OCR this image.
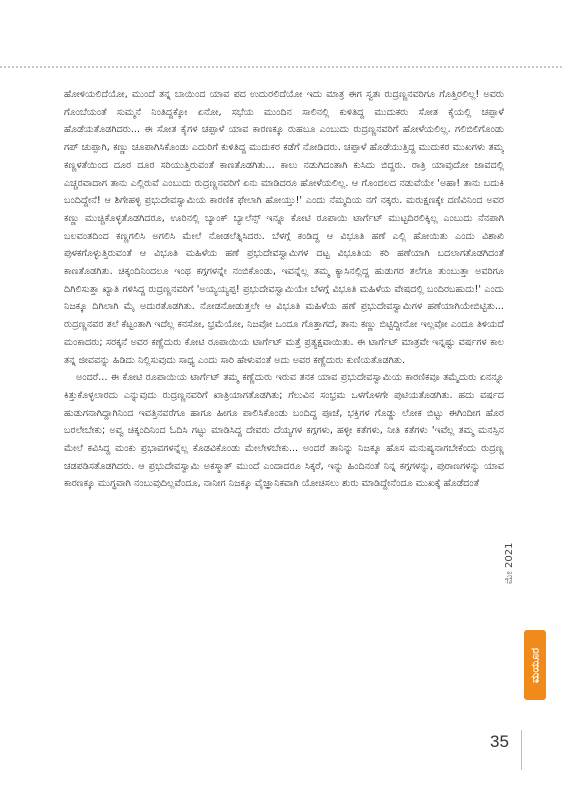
ಹೋಳಿಯಲಿದೆಯೋ, ಮುಂದೆ ತನ್ನ ಬಾಯಿಂದ ಯಾವ ಪದ ಉದುರಲಿದೆಯೋ ಇದು ಮಾತ್ರ ಈಗ ಸ್ವತಃ ರುದ್ರಣ್ಣನವರಿಗೂ ಗೊತ್ತಿರಲಿಲ್ಲ! ಅವರು ಗೊಂಬೆಯಂತೆ ಸುಮ್ಮನೆ ನಿಂತಿದ್ದಕ್ಕೋ ಏನೋ, ಸಭೆಯ ಮುಂದಿನ ಸಾಲಿನಲ್ಲಿ ಕುಳಿತಿದ್ದ ಮುದುಕರು ಸೋತ ಕೈಯಲ್ಲಿ ಚಪ್ಪಾಳೆ ಹೊಡೆಯತೊಡಗಿದರು... ಈ ಸೋತ ಕೈಗಳ ಚಪ್ಪಾಳೆ ಯಾವ ಕಾರಣಕ್ಕೂ ರುಹಬೂ ಎಂಬುದು ರುದ್ರಣ್ಣನವರಿಗೆ ಹೋಳೆಯಲಿಲ್ಲ. ಗಲಿಬಿಲಿಗೊಂಡು ಗಪ್ ಚುಪ್ಪಾಗಿ, ಕಣ್ಣು ಚೂಪಾಗಿಸಿಕೊಂಡು ಎದುರಿಗೆ ಕುಳಿತಿದ್ದ ಮುದುಕರ ಕಡೆಗೆ ನೋಡಿದರು. ಚಪ್ಪಾಳೆ ಹೊಡೆಯುತ್ತಿದ್ದ ಮುದುಕರ ಮುಖಗಳು ತಮ್ಮ ಕಣ್ಣಳತೆಯಿಂದ ದೂರ ದೂರ ಸರಿಯುತ್ತಿರುವಂತೆ ಕಾಣತೊಡಗಿತು... ಕಾಲು ನಡುಗಿದಂತಾಗಿ ಕುಸಿದು ಬಿದ್ದರು. ರಾತ್ರಿ ಯಾವುದೋ ಜಾವದಲ್ಲಿ ಎಚ್ಚರವಾದಾಗ ತಾನು ಎಲ್ಲಿರುವೆ ಎಂಬುದು ರುದ್ರಣ್ಣನವರಿಗೆ ಏನು ಮಾಡಿದರೂ ಹೋಳೆಯಲಿಲ್ಲ. ಆ ಗೊಂದಲದ ನಡುವೆಯೇ 'ಅಹಾ! ತಾನು ಬದುಕಿ ಬಂದಿದ್ದೇನೆ! ಆ ಶಿಗೇಹಳ್ಳಿ ಪ್ರಭುದೇವಸ್ವಾಮಿಯ ಕಾರಣಿಕ ಫೇಲಾಗಿ ಹೋಯ್ತು!' ಎಂದು ನೆಮ್ಮದಿಯ ನಗೆ ನಕ್ಕರು. ಮರುಕ್ಷಣಕ್ಕೇ ದಣಿವಿನಿಂದ ಅವರ ಕಣ್ಣು ಮುಚ್ಚಿಕೊಳ್ಳತೊಡಗಿದರೂ, ಊರಿನಲ್ಲಿ ಬ್ಯಾಂಕ್ ಬ್ಯಾಲೆನ್ಸ್ ಇನ್ನೂ ಕೋಟಿ ರೂಪಾಯಿ ಟಾರ್ಗೆಟ್ ಮುಟ್ಟದಿರಲಿಕ್ಕಿಲ್ಲ ಎಂಬುದು ನೆನಪಾಗಿ ಬಲವಂತದಿಂದ ಕಣ್ಣಗಲಿಸಿ ಅಗಲಿಸಿ ಮೇಲೆ ನೋಡಲೆತ್ನಿಸಿದರು. ಬೆಳಗ್ಗೆ ಕಂಡಿದ್ದ ಆ ವಿಭೂತಿ ಹಣೆ ಎಲ್ಲಿ ಹೋಯಿತು ಎಂದು ವಿಶಾಖಿ ಪುಳಕಗೊಳ್ಳುತ್ತಿರುವಂತೆ ಆ ವಿಭೂತಿ ಮಹಿಳೆಯ ಹಣೆ ಪ್ರಭುದೇವಸ್ವಾಮಿಗಳ ದಟ್ಟ ವಿಭೂತಿಯ ಕರಿ ಹಣೆಯಾಗಿ ಬದಲಾಗತೊಡಗಿದಂತೆ ಕಾಣತೊಡಗಿತು. ಚಿಕ್ಕಂದಿನಿಂದಲೂ ಇಂಥ ಕಗ್ಗಗಳನ್ನೇ ನಂಬಿಕೊಂಡು, ಇವನ್ನೆಲ್ಲ ತಮ್ಮ ಕ್ಯಾಸಿನಲ್ಲಿದ್ದ ಹುಡುಗರ ತಲೆಗೂ ತುಂಬುತ್ತಾ ಅವರಿಗೂ ದಿಗಿಲಿಸುತ್ತಾ ಖ್ಯಾತಿ ಗಳಿಸಿದ್ದ ರುದ್ರಣ್ಣನವರಿಗೆ 'ಅಯ್ಯಯ್ಯಪ್ಪ! ಪ್ರಭುದೇವಸ್ವಾಮಿಯೇ ಬೆಳಗ್ಗೆ ವಿಭೂತಿ ಮಹಿಳೆಯ ವೇಷದಲ್ಲಿ ಬಂದಿರಬಹುದು!' ಎಂದು ನಿಜಕ್ಕೂ ದಿಗಿಲಾಗಿ ಮೈ ಅದುರತೊಡಗಿತು. ನೋಡನೋಡುತ್ತಲೇ ಆ ವಿಭೂತಿ ಮಹಿಳೆಯ ಹಣೆ ಪ್ರಭುದೇವಸ್ವಾಮಿಗಳ ಹಣೆಯಾಗಿಯೇಬಿಟ್ಟಿತು... ರುದ್ರಣ್ಣನವರ ತಲೆ ಕೆಟ್ಟಂತಾಗಿ ಇದೆಲ್ಲ ಕನಸೋ, ಭ್ರಮೆಯೋ, ನಿಜವೋ ಒಂದೂ ಗೊತ್ತಾಗದೆ, ತಾನು ಕಣ್ಣು ಬಿಟ್ಟಿದ್ದೀನೋ ಇಲ್ಲವೋ ಎಂದೂ ತಿಳಿಯದೆ ಮಂಕಾದರು; ಸರಕ್ಕನೆ ಅವರ ಕಣ್ಣೆದುರು ಕೋಟಿ ರೂಪಾಯಿಯ ಟಾರ್ಗೆಟ್ ಮತ್ತೆ ಪ್ರತ್ಯಕ್ಷವಾಯಿತು. ಈ ಟಾರ್ಗೆಟ್ ಮಾತ್ರವೇ ಇನ್ನಷ್ಟು ವರ್ಷಗಳ ಕಾಲ ತನ್ನ ಜೀವವನ್ನು ಹಿಡಿದು ನಿಲ್ಲಿಸುವುದು ಸಾಧ್ಯ ಎಂದು ಸಾರಿ ಹೇಳುವಂತೆ ಅದು ಅವರ ಕಣ್ಣೆದುರು ಕುಣಿಯತೊಡಗಿತು.

ಅಂದರೆ... ಈ ಕೋಟಿ ರೂಪಾಯಿಯ ಟಾರ್ಗೆಟ್ ತಮ್ಮ ಕಣ್ಣೆದುರು ಇರುವ ತನಕ ಯಾವ ಪ್ರಭುದೇವಸ್ವಾಮಿಯ ಕಾರಣಿಕವೂ ತಮ್ಮೆದುರು ಏನನ್ನೂ ಕಿತ್ತುಕೊಳ್ಳಲಾರದು ಎನ್ನುವುದು ರುದ್ರಣ್ಣನವರಿಗೆ ಖಾತ್ರಿಯಾಗತೊಡಗಿತು; ಗೆಲುವಿನ ಸಂಭ್ರಮ ಒಳಗೊಳಗೇ ಪುಟಿಯತೊಡಗಿತು. ಹದು ವರ್ಷದ ಹುಡುಗನಾಗಿದ್ದಾಗಿನಿಂದ ಇವತ್ತಿನವರೆಗೂ ಹಾಗೂ ಹೀಗೂ ಪಾಲಿಸಿಕೊಂಡು ಬಂದಿದ್ದ ಪೂಜೆ, ಭಕ್ತಿಗಳ ಗೊಡ್ಡು ಲೋಕ ಬಿಟ್ಟು ಈಗಿಂದೀಗ ಹೊರ ಬರಲೇಬೇಕು; ಅವ್ವ ಚಿಕ್ಕಂದಿನಿಂದ ಓದಿಸಿ ಗಟ್ಟು ಮಾಡಿಸಿದ್ದ ದೇವರು ದೆಯ್ಯಗಳ ಕಗ್ಗಗಳು, ಹಳ್ಳೀ ಕತೆಗಳು, ನೀತಿ ಕತೆಗಳು 'ಇವೆಲ್ಲ ತಮ್ಮ ಮನಸ್ಸಿನ ಮೇಲೆ ಕವಿಸಿದ್ದ ಮಂಕು ಪ್ರಭಾವಗಳನ್ನೆಲ್ಲ ಕೊಡವಿಕೊಂಡು ಮೇಲೇಳಬೇಕು... ಅಂದರೆ ತಾನಿನ್ನು ನಿಜಕ್ಕೂ ಹೊಸ ಮನುಷ್ಯನಾಗಬೇಕೆಂದು ರುದ್ರಣ್ಣ ಚಡಪಡಿಸತೊಡಗಿದರು. ಆ ಪ್ರಭುದೇವಸ್ವಾಮಿ ಅಕಸ್ಮಾತ್ ಮುಂದೆ ಎಂದಾದರೂ ಸಿಕ್ಕರೆ, ಇನ್ನು ಹಿಂದಿನಂತೆ ನಿನ್ನ ಕಗ್ಗಗಳನ್ನು, ಪುರಾಣಗಳನ್ನು ಯಾವ ಕಾರಣಕ್ಕೂ ಮುಗ್ಧವಾಗಿ ನಂಬುವುದಿಲ್ಲವೆಂದೂ, ನಾನೀಗ ನಿಜಕ್ಕೂ ವೈಜ್ಞಾನಿಕವಾಗಿ ಯೋಚಿಸಲು ಶುರು ಮಾಡಿದ್ದೇನೆಂದೂ ಮುಖಕ್ಕೆ ಹೊಡೆದಂತೆ

ಮೇ 2021
ಮಯೂರ
35
